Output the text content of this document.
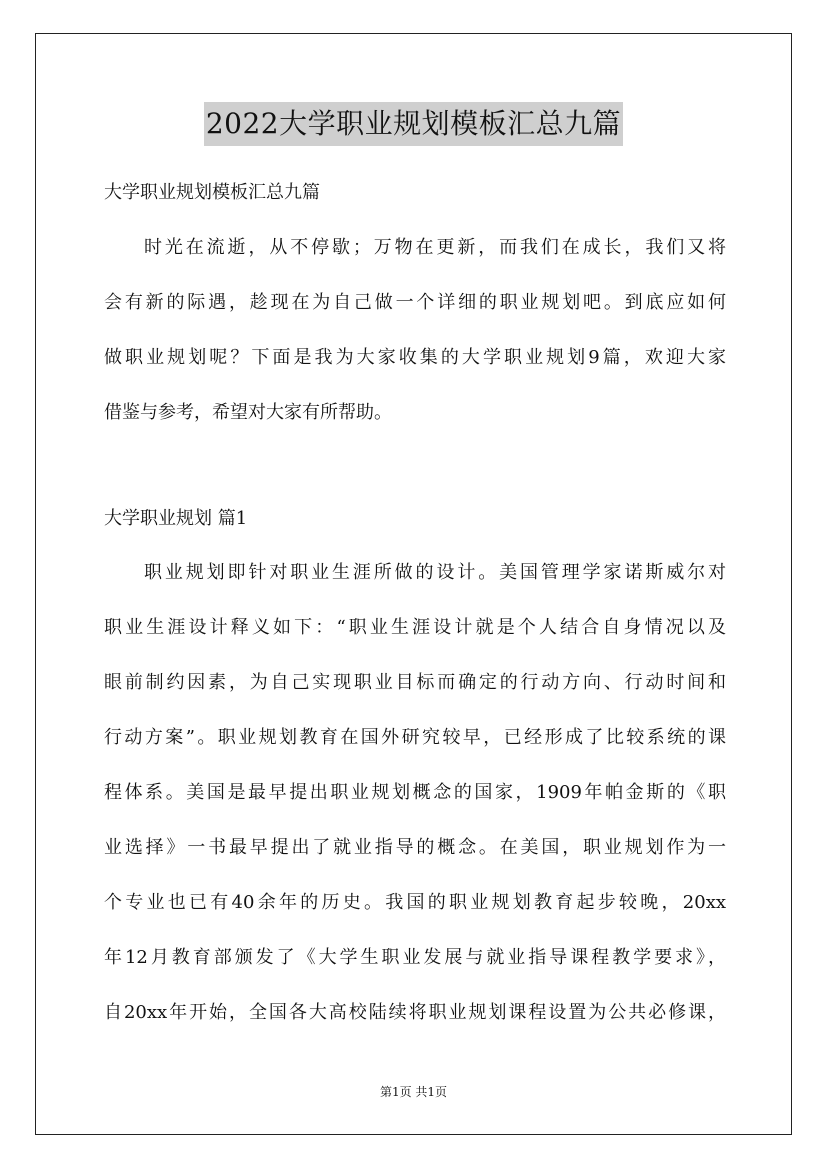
2022大学职业规划模板汇总九篇
大学职业规划模板汇总九篇
时光在流逝，从不停歇；万物在更新，而我们在成长，我们又将
会有新的际遇，趁现在为自己做一个详细的职业规划吧。到底应如何
做职业规划呢？下面是我为大家收集的大学职业规划9篇，欢迎大家
借鉴与参考，希望对大家有所帮助。
大学职业规划 篇1
职业规划即针对职业生涯所做的设计。美国管理学家诺斯威尔对
职业生涯设计释义如下：“职业生涯设计就是个人结合自身情况以及
眼前制约因素，为自己实现职业目标而确定的行动方向、行动时间和
行动方案”。职业规划教育在国外研究较早，已经形成了比较系统的课
程体系。美国是最早提出职业规划概念的国家，1909年帕金斯的《职
业选择》一书最早提出了就业指导的概念。在美国，职业规划作为一
个专业也已有40余年的历史。我国的职业规划教育起步较晚，20xx
年12月教育部颁发了《大学生职业发展与就业指导课程教学要求》，
自20xx年开始，全国各大高校陆续将职业规划课程设置为公共必修课，
第1页 共1页
